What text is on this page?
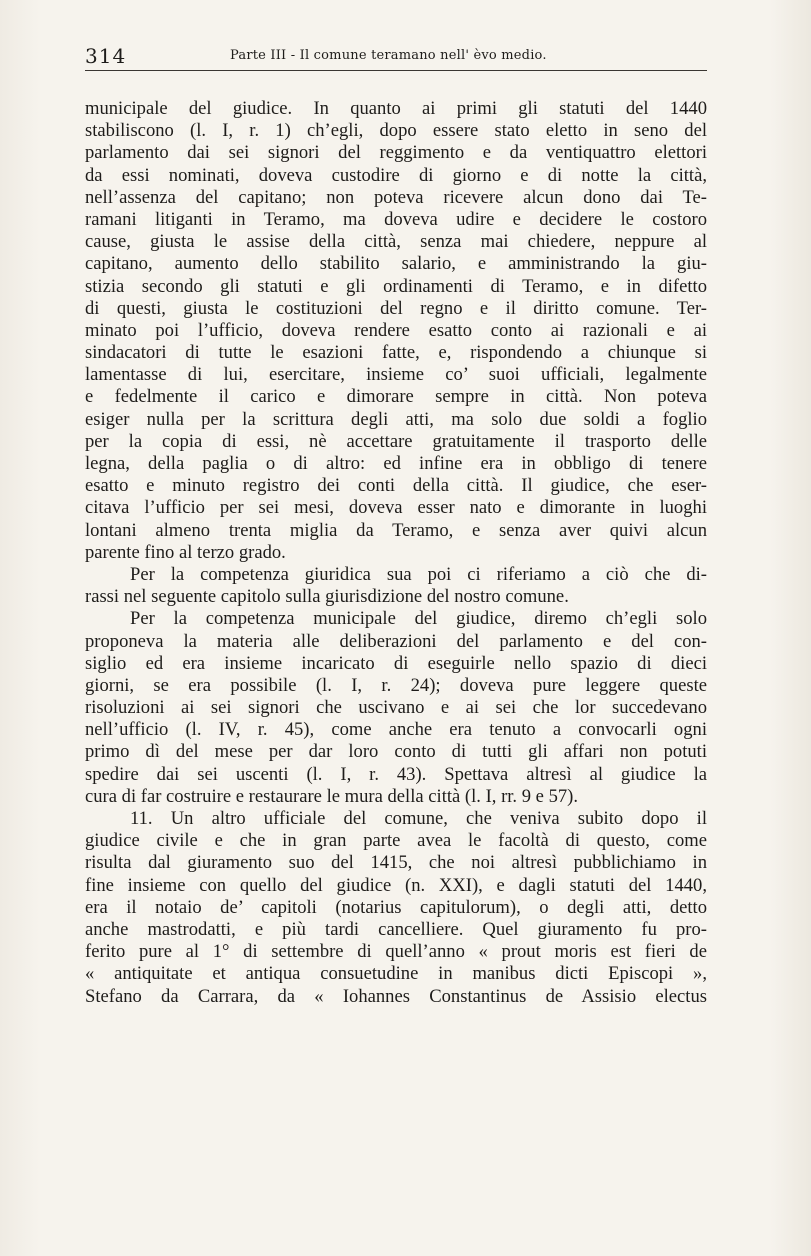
314	Parte III - Il comune teramano nell' èvo medio.
municipale del giudice. In quanto ai primi gli statuti del 1440
stabiliscono (l. I, r. 1) ch’egli, dopo essere stato eletto in seno del
parlamento dai sei signori del reggimento e da ventiquattro elettori
da essi nominati, doveva custodire di giorno e di notte la città,
nell’assenza del capitano; non poteva ricevere alcun dono dai Te-
ramani litiganti in Teramo, ma doveva udire e decidere le costoro
cause, giusta le assise della città, senza mai chiedere, neppure al
capitano, aumento dello stabilito salario, e amministrando la giu-
stizia secondo gli statuti e gli ordinamenti di Teramo, e in difetto
di questi, giusta le costituzioni del regno e il diritto comune. Ter-
minato poi l’ufficio, doveva rendere esatto conto ai razionali e ai
sindacatori di tutte le esazioni fatte, e, rispondendo a chiunque si
lamentasse di lui, esercitare, insieme co’ suoi ufficiali, legalmente
e fedelmente il carico e dimorare sempre in città. Non poteva
esiger nulla per la scrittura degli atti, ma solo due soldi a foglio
per la copia di essi, nè accettare gratuitamente il trasporto delle
legna, della paglia o di altro: ed infine era in obbligo di tenere
esatto e minuto registro dei conti della città. Il giudice, che eser-
citava l’ufficio per sei mesi, doveva esser nato e dimorante in luoghi
lontani almeno trenta miglia da Teramo, e senza aver quivi alcun
parente fino al terzo grado.
Per la competenza giuridica sua poi ci riferiamo a ciò che di-
rassi nel seguente capitolo sulla giurisdizione del nostro comune.
Per la competenza municipale del giudice, diremo ch’egli solo
proponeva la materia alle deliberazioni del parlamento e del con-
siglio ed era insieme incaricato di eseguirle nello spazio di dieci
giorni, se era possibile (l. I, r. 24); doveva pure leggere queste
risoluzioni ai sei signori che uscivano e ai sei che lor succedevano
nell’ufficio (l. IV, r. 45), come anche era tenuto a convocarli ogni
primo dì del mese per dar loro conto di tutti gli affari non potuti
spedire dai sei uscenti (l. I, r. 43). Spettava altresì al giudice la
cura di far costruire e restaurare le mura della città (l. I, rr. 9 e 57).
11. Un altro ufficiale del comune, che veniva subito dopo il
giudice civile e che in gran parte avea le facoltà di questo, come
risulta dal giuramento suo del 1415, che noi altresì pubblichiamo in
fine insieme con quello del giudice (n. XXI), e dagli statuti del 1440,
era il notaio de’ capitoli (notarius capitulorum), o degli atti, detto
anche mastrodatti, e più tardi cancelliere. Quel giuramento fu pro-
ferito pure al 1° di settembre di quell’anno « prout moris est fieri de
« antiquitate et antiqua consuetudine in manibus dicti Episcopi »,
Stefano da Carrara, da « Iohannes Constantinus de Assisio electus
